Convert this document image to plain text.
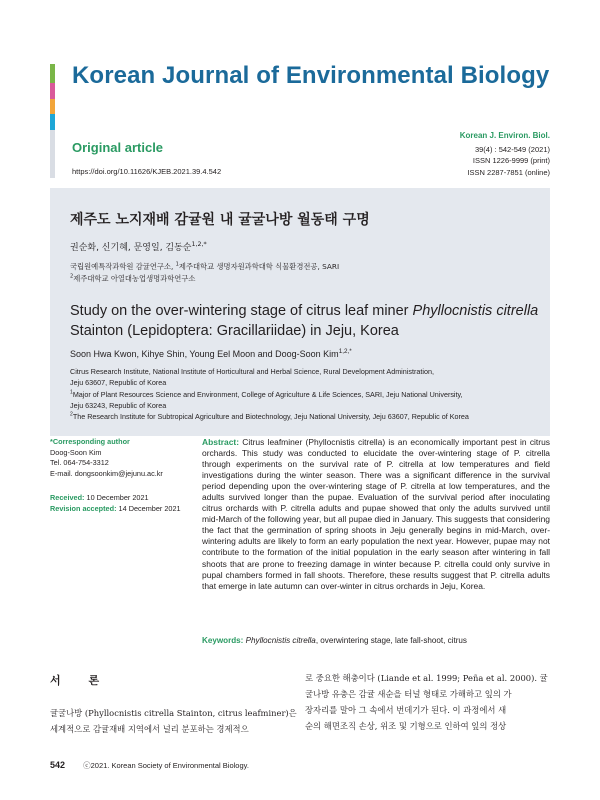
Korean Journal of Environmental Biology
Original article
https://doi.org/10.11626/KJEB.2021.39.4.542
Korean J. Environ. Biol.
39(4) : 542-549 (2021)
ISSN 1226-9999 (print)
ISSN 2287-7851 (online)
제주도 노지재배 감귤원 내 귤굴나방 월동태 구명
권순화, 신기혜, 문영일, 김동순$^{1,2,*}$
국립원예특작과학원 감귤연구소, $^1$제주대학교 생명자원과학대학 식물환경전공, SARI
$^2$제주대학교 아열대농업생명과학연구소
Study on the over-wintering stage of citrus leaf miner Phyllocnistis citrella Stainton (Lepidoptera: Gracillariidae) in Jeju, Korea
Soon Hwa Kwon, Kihye Shin, Young Eel Moon and Doog-Soon Kim$^{1,2,*}$
Citrus Research Institute, National Institute of Horticultural and Herbal Science, Rural Development Administration,
Jeju 63607, Republic of Korea
$^1$Major of Plant Resources Science and Environment, College of Agriculture & Life Sciences, SARI, Jeju National University,
Jeju 63243, Republic of Korea
$^2$The Research Institute for Subtropical Agriculture and Biotechnology, Jeju National University, Jeju 63607, Republic of Korea
*Corresponding author
Doog-Soon Kim
Tel. 064-754-3312
E-mail. dongsoonkim@jejunu.ac.kr
Received: 10 December 2021
Revision accepted: 14 December 2021
Abstract: Citrus leafminer (Phyllocnistis citrella) is an economically important pest in citrus orchards. This study was conducted to elucidate the over-wintering stage of P. citrella through experiments on the survival rate of P. citrella at low temperatures and field investigations during the winter season. There was a significant difference in the survival period depending upon the over-wintering stage of P. citrella at low temperatures, and the adults survived longer than the pupae. Evaluation of the survival period after inoculating citrus orchards with P. citrella adults and pupae showed that only the adults survived until mid-March of the following year, but all pupae died in January. This suggests that considering the fact that the germination of spring shoots in Jeju generally begins in mid-March, over-wintering adults are likely to form an early population the next year. However, pupae may not contribute to the formation of the initial population in the early season after wintering in fall shoots that are prone to freezing damage in winter because P. citrella could only survive in pupal chambers formed in fall shoots. Therefore, these results suggest that P. citrella adults that emerge in late autumn can over-winter in citrus orchards in Jeju, Korea.
Keywords: Phyllocnistis citrella, overwintering stage, late fall-shoot, citrus
서 론
귤굴나방 (Phyllocnistis citrella Stainton, citrus leafminer)은
세계적으로 감귤재배 지역에서 널리 분포하는 경제적으
로 중요한 해충이다 (Liande et al. 1999; Peña et al. 2000). 귤
굴나방 유충은 감귤 새순을 터널 형태로 가해하고 잎의 가
장자리를 말아 그 속에서 번데기가 된다. 이 과정에서 새
순의 해면조직 손상, 위조 및 기형으로 인하여 잎의 정상
542 ⓒ2021. Korean Society of Environmental Biology.
